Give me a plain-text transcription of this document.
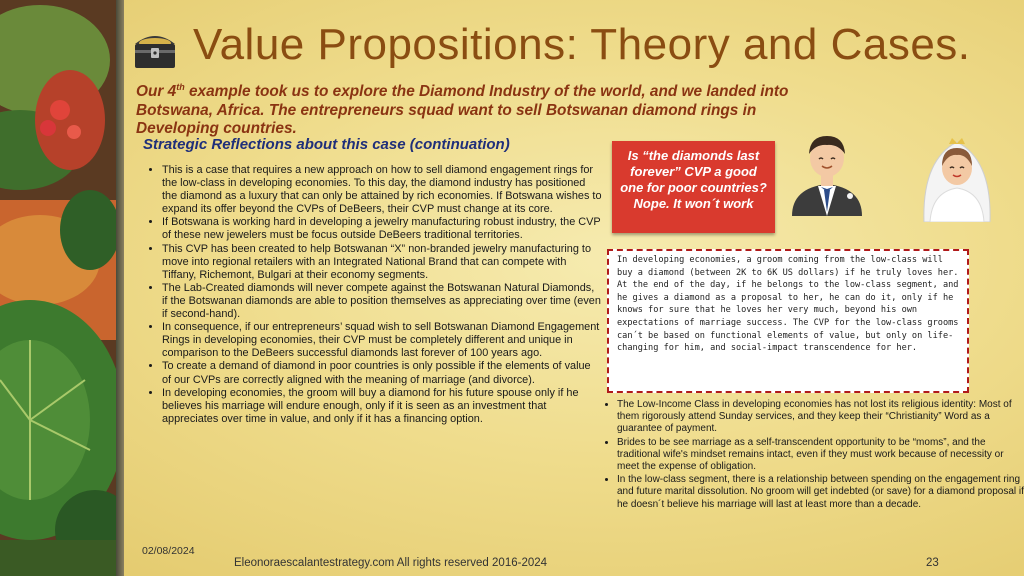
Value Propositions: Theory and Cases.

Our 4th example took us to explore the Diamond Industry of the world, and we landed into Botswana, Africa. The entrepreneurs squad want to sell Botswanan diamond rings in Developing countries.

Strategic Reflections about this case (continuation)

• This is a case that requires a new approach on how to sell diamond engagement rings for the low-class in developing economies. To this day, the diamond industry has positioned the diamond as a luxury that can only be attained by rich economies. If Botswana wishes to expand its offer beyond the CVPs of DeBeers, their CVP must change at its core.
• If Botswana is working hard in developing a jewelry manufacturing robust industry, the CVP of these new jewelers must be focus outside DeBeers traditional territories.
• This CVP has been created to help Botswanan “X” non-branded jewelry manufacturing to move into regional retailers with an Integrated National Brand that can compete with Tiffany, Richemont, Bulgari at their economy segments.
• The Lab-Created diamonds will never compete against the Botswanan Natural Diamonds, if the Botswanan diamonds are able to position themselves as appreciating over time (even if second-hand).
• In consequence, if our entrepreneurs’ squad wish to sell Botswanan Diamond Engagement Rings in developing economies, their CVP must be completely different and unique in comparison to the DeBeers successful diamonds last forever of 100 years ago.
• To create a demand of diamond in poor countries is only possible if the elements of value of our CVPs are correctly aligned with the meaning of marriage (and divorce).
• In developing economies, the groom will buy a diamond for his future spouse only if he believes his marriage will endure enough, only if it is seen as an investment that appreciates over time in value, and only if it has a financing option.
Is “the diamonds last forever” CVP a good one for poor countries? Nope. It won´t work
In developing economies, a groom coming from the low-class will buy a diamond (between 2K to 6K US dollars) if he truly loves her. At the end of the day, if he belongs to the low-class segment, and he gives a diamond as a proposal to her, he can do it, only if he knows for sure that he loves her very much, beyond his own expectations of marriage success. The CVP for the low-class grooms can´t be based on functional elements of value, but only on life-changing for him, and social-impact transcendence for her.
• The Low-Income Class in developing economies has not lost its religious identity: Most of them rigorously attend Sunday services, and they keep their “Christianity” Word as a guarantee of payment.
• Brides to be see marriage as a self-transcendent opportunity to be “moms”, and the traditional wife's mindset remains intact, even if they must work because of necessity or meet the expense of obligation.
• In the low-class segment, there is a relationship between spending on the engagement ring and future marital dissolution. No groom will get indebted (or save) for a diamond proposal if he doesn´t believe his marriage will last at least more than a decade.
02/08/2024
Eleonoraescalantestrategy.com All rights reserved 2016-2024	23
